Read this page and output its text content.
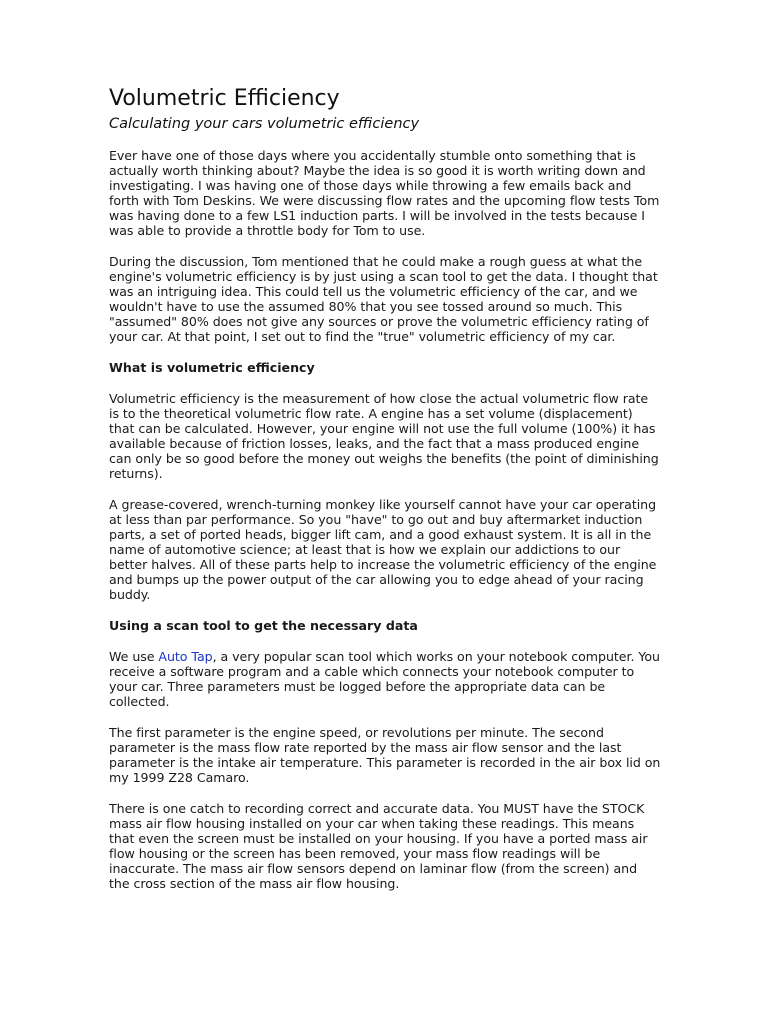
Volumetric Efficiency
Calculating your cars volumetric efficiency

Ever have one of those days where you accidentally stumble onto something that is actually worth thinking about? Maybe the idea is so good it is worth writing down and investigating. I was having one of those days while throwing a few emails back and forth with Tom Deskins. We were discussing flow rates and the upcoming flow tests Tom was having done to a few LS1 induction parts. I will be involved in the tests because I was able to provide a throttle body for Tom to use.

During the discussion, Tom mentioned that he could make a rough guess at what the engine's volumetric efficiency is by just using a scan tool to get the data. I thought that was an intriguing idea. This could tell us the volumetric efficiency of the car, and we wouldn't have to use the assumed 80% that you see tossed around so much. This "assumed" 80% does not give any sources or prove the volumetric efficiency rating of your car. At that point, I set out to find the "true" volumetric efficiency of my car.

What is volumetric efficiency

Volumetric efficiency is the measurement of how close the actual volumetric flow rate is to the theoretical volumetric flow rate. A engine has a set volume (displacement) that can be calculated. However, your engine will not use the full volume (100%) it has available because of friction losses, leaks, and the fact that a mass produced engine can only be so good before the money out weighs the benefits (the point of diminishing returns).

A grease-covered, wrench-turning monkey like yourself cannot have your car operating at less than par performance. So you "have" to go out and buy aftermarket induction parts, a set of ported heads, bigger lift cam, and a good exhaust system. It is all in the name of automotive science; at least that is how we explain our addictions to our better halves. All of these parts help to increase the volumetric efficiency of the engine and bumps up the power output of the car allowing you to edge ahead of your racing buddy.

Using a scan tool to get the necessary data

We use Auto Tap, a very popular scan tool which works on your notebook computer. You receive a software program and a cable which connects your notebook computer to your car. Three parameters must be logged before the appropriate data can be collected.

The first parameter is the engine speed, or revolutions per minute. The second parameter is the mass flow rate reported by the mass air flow sensor and the last parameter is the intake air temperature. This parameter is recorded in the air box lid on my 1999 Z28 Camaro.

There is one catch to recording correct and accurate data. You MUST have the STOCK mass air flow housing installed on your car when taking these readings. This means that even the screen must be installed on your housing. If you have a ported mass air flow housing or the screen has been removed, your mass flow readings will be inaccurate. The mass air flow sensors depend on laminar flow (from the screen) and the cross section of the mass air flow housing.
